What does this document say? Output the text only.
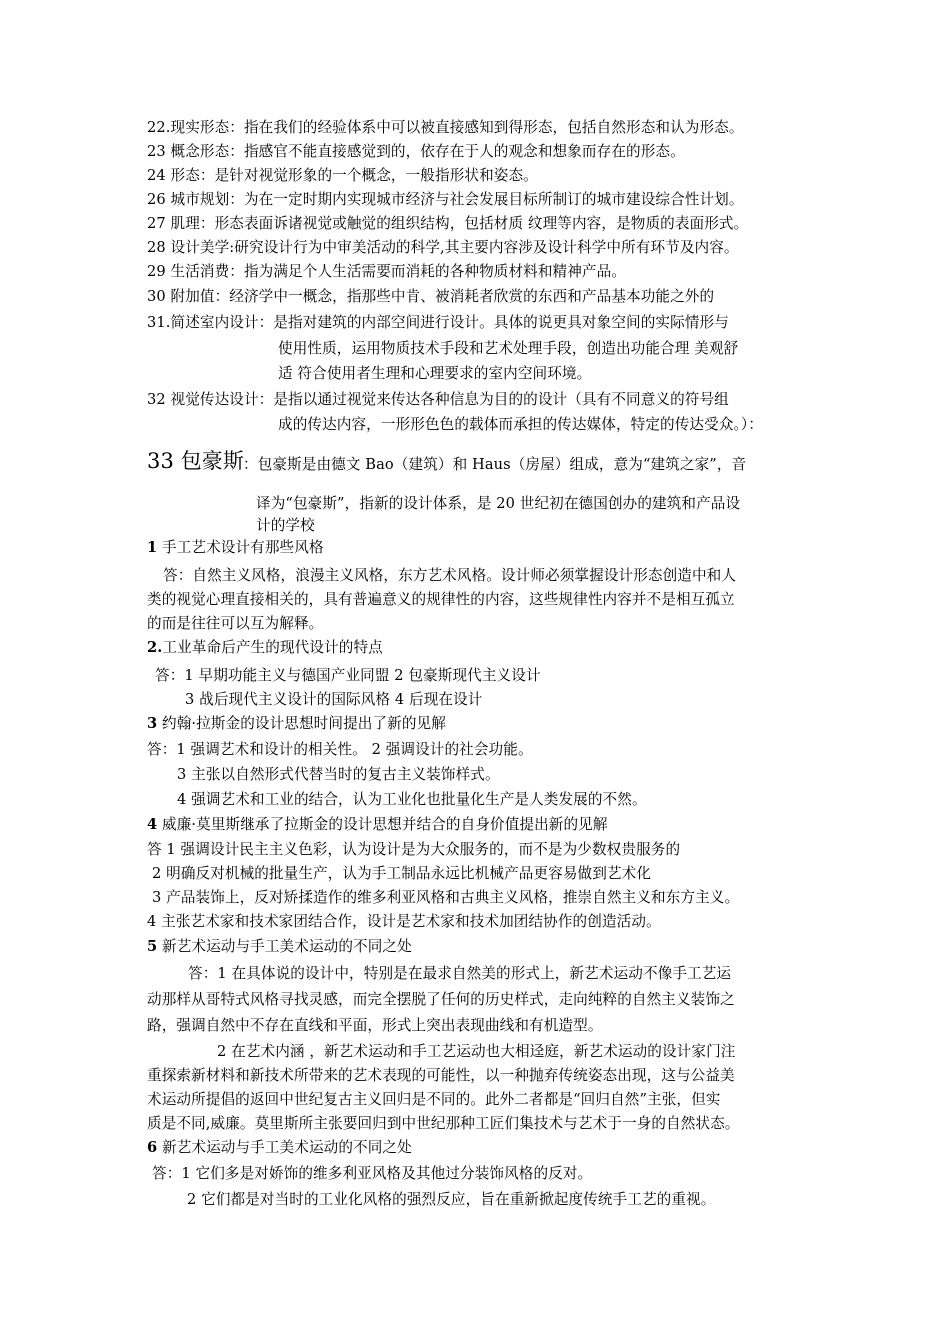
22.现实形态：指在我们的经验体系中可以被直接感知到得形态，包括自然形态和认为形态。
23 概念形态：指感官不能直接感觉到的，依存在于人的观念和想象而存在的形态。
24 形态：是针对视觉形象的一个概念，一般指形状和姿态。
26 城市规划：为在一定时期内实现城市经济与社会发展目标所制订的城市建设综合性计划。
27 肌理：形态表面诉诸视觉或触觉的组织结构，包括材质 纹理等内容，是物质的表面形式。
28 设计美学:研究设计行为中审美活动的科学,其主要内容涉及设计科学中所有环节及内容。
29 生活消费：指为满足个人生活需要而消耗的各种物质材料和精神产品。
30 附加值：经济学中一概念，指那些中肯、被消耗者欣赏的东西和产品基本功能之外的
31.简述室内设计：是指对建筑的内部空间进行设计。具体的说更具对象空间的实际情形与
使用性质，运用物质技术手段和艺术处理手段，创造出功能合理 美观舒
适 符合使用者生理和心理要求的室内空间环境。
32 视觉传达设计：是指以通过视觉来传达各种信息为目的的设计（具有不同意义的符号组
成的传达内容，一形形色色的载体而承担的传达媒体，特定的传达受众。）：
33 包豪斯 ：包豪斯是由德文 Bao（建筑）和 Haus（房屋）组成，意为“建筑之家”，音
译为“包豪斯”，指新的设计体系，是 20 世纪初在德国创办的建筑和产品设
计的学校
1 手工艺术设计有那些风格
答：自然主义风格，浪漫主义风格，东方艺术风格。设计师必须掌握设计形态创造中和人
类的视觉心理直接相关的，具有普遍意义的规律性的内容，这些规律性内容并不是相互孤立
的而是往往可以互为解释。
2.工业革命后产生的现代设计的特点
答：1 早期功能主义与德国产业同盟 2 包豪斯现代主义设计
3 战后现代主义设计的国际风格 4 后现在设计
3 约翰·拉斯金的设计思想时间提出了新的见解
答：1 强调艺术和设计的相关性。 2 强调设计的社会功能。
3 主张以自然形式代替当时的复古主义装饰样式。
4 强调艺术和工业的结合，认为工业化也批量化生产是人类发展的不然。
4 威廉·莫里斯继承了拉斯金的设计思想并结合的自身价值提出新的见解
答 1 强调设计民主主义色彩，认为设计是为大众服务的，而不是为少数权贵服务的
2 明确反对机械的批量生产，认为手工制品永远比机械产品更容易做到艺术化
3 产品装饰上，反对矫揉造作的维多利亚风格和古典主义风格，推崇自然主义和东方主义。
4 主张艺术家和技术家团结合作，设计是艺术家和技术加团结协作的创造活动。
5 新艺术运动与手工美术运动的不同之处
答：1 在具体说的设计中，特别是在最求自然美的形式上，新艺术运动不像手工艺运
动那样从哥特式风格寻找灵感，而完全摆脱了任何的历史样式，走向纯粹的自然主义装饰之
路，强调自然中不存在直线和平面，形式上突出表现曲线和有机造型。
2 在艺术内涵 ，新艺术运动和手工艺运动也大相迳庭，新艺术运动的设计家门注
重探索新材料和新技术所带来的艺术表现的可能性，以一种抛弃传统姿态出现，这与公益美
术运动所提倡的返回中世纪复古主义回归是不同的。此外二者都是“回归自然”主张，但实
质是不同,威廉。莫里斯所主张要回归到中世纪那种工匠们集技术与艺术于一身的自然状态。
6 新艺术运动与手工美术运动的不同之处
答：1 它们多是对娇饰的维多利亚风格及其他过分装饰风格的反对。
2 它们都是对当时的工业化风格的强烈反应，旨在重新掀起度传统手工艺的重视。
